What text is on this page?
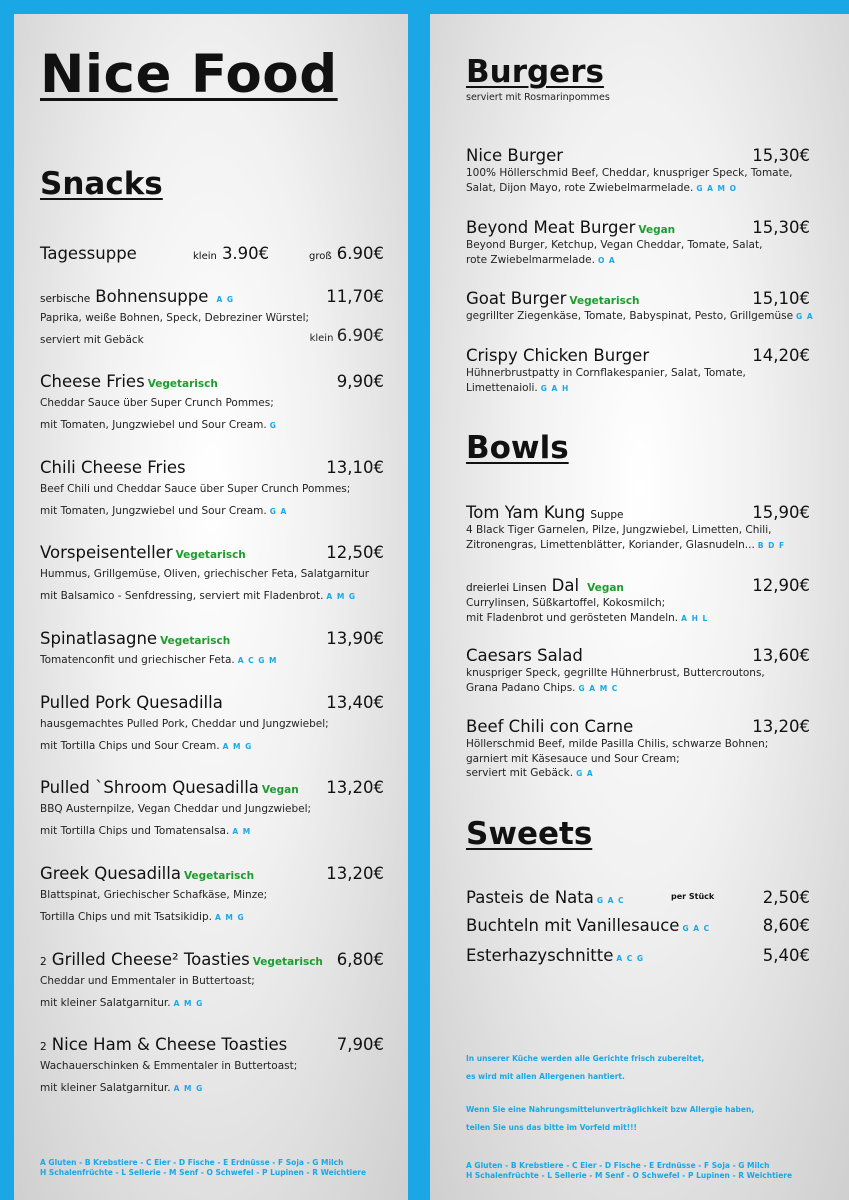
Nice Food
Snacks
Tagessuppe	klein 3.90€	groß 6.90€
serbische Bohnensuppe A G	11,70€
Paprika, weiße Bohnen, Speck, Debreziner Würstel;
serviert mit Gebäck	klein 6.90€
Cheese Fries Vegetarisch	9,90€
Cheddar Sauce über Super Crunch Pommes;
mit Tomaten, Jungzwiebel und Sour Cream. G
Chili Cheese Fries	13,10€
Beef Chili und Cheddar Sauce über Super Crunch Pommes;
mit Tomaten, Jungzwiebel und Sour Cream. G A
Vorspeisenteller Vegetarisch	12,50€
Hummus, Grillgemüse, Oliven, griechischer Feta, Salatgarnitur
mit Balsamico - Senfdressing, serviert mit Fladenbrot. A M G
Spinatlasagne Vegetarisch	13,90€
Tomatenconfit und griechischer Feta. A C G M
Pulled Pork Quesadilla	13,40€
hausgemachtes Pulled Pork, Cheddar und Jungzwiebel;
mit Tortilla Chips und Sour Cream. A M G
Pulled `Shroom Quesadilla Vegan 13,20€
BBQ Austernpilze, Vegan Cheddar und Jungzwiebel;
mit Tortilla Chips und Tomatensalsa. A M
Greek Quesadilla Vegetarisch	13,20€
Blattspinat, Griechischer Schafkäse, Minze;
Tortilla Chips und mit Tsatsikidip. A M G
2 Grilled Cheese² Toasties Vegetarisch 6,80€
Cheddar und Emmentaler in Buttertoast;
mit kleiner Salatgarnitur. A M G
2 Nice Ham & Cheese Toasties	7,90€
Wachauerschinken & Emmentaler in Buttertoast;
mit kleiner Salatgarnitur. A M G
A Gluten - B Krebstiere - C Eier - D Fische - E Erdnüsse - F Soja - G Milch
H Schalenfrüchte - L Sellerie - M Senf - O Schwefel - P Lupinen - R Weichtiere
Burgers
serviert mit Rosmarinpommes
Nice Burger	15,30€
100% Höllerschmid Beef, Cheddar, knuspriger Speck, Tomate,
Salat, Dijon Mayo, rote Zwiebelmarmelade. G A M O
Beyond Meat Burger Vegan	15,30€
Beyond Burger, Ketchup, Vegan Cheddar, Tomate, Salat,
rote Zwiebelmarmelade. O A
Goat Burger Vegetarisch	15,10€
gegrillter Ziegenkäse, Tomate, Babyspinat, Pesto, Grillgemüse G A
Crispy Chicken Burger	14,20€
Hühnerbrustpatty in Cornflakespanier, Salat, Tomate,
Limettenaioli. G A H
Bowls
Tom Yam Kung Suppe	15,90€
4 Black Tiger Garnelen, Pilze, Jungzwiebel, Limetten, Chili,
Zitronengras, Limettenblätter, Koriander, Glasnudeln... B D F
dreierlei Linsen Dal Vegan	12,90€
Currylinsen, Süßkartoffel, Kokosmilch;
mit Fladenbrot und gerösteten Mandeln. A H L
Caesars Salad	13,60€
knuspriger Speck, gegrillte Hühnerbrust, Buttercroutons,
Grana Padano Chips. G A M C
Beef Chili con Carne	13,20€
Höllerschmid Beef, milde Pasilla Chilis, schwarze Bohnen;
garniert mit Käsesauce und Sour Cream;
serviert mit Gebäck. G A
Sweets
Pasteis de Nata G A C	per Stück	2,50€
Buchteln mit Vanillesauce G A C	8,60€
Esterhazyschnitte A C G	5,40€
In unserer Küche werden alle Gerichte frisch zubereitet,
es wird mit allen Allergenen hantiert.
Wenn Sie eine Nahrungsmittelunverträglichkeit bzw Allergie haben,
teilen Sie uns das bitte im Vorfeld mit!!!
A Gluten - B Krebstiere - C Eier - D Fische - E Erdnüsse - F Soja - G Milch
H Schalenfrüchte - L Sellerie - M Senf - O Schwefel - P Lupinen - R Weichtiere
